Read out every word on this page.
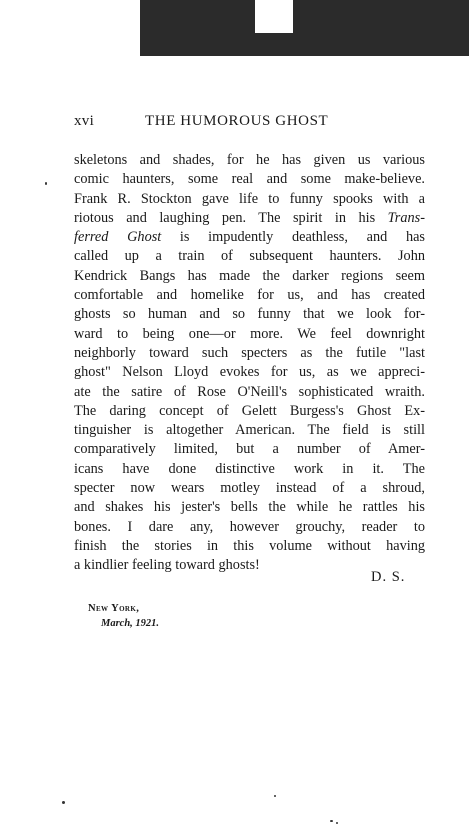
xvi	THE HUMOROUS GHOST
skeletons and shades, for he has given us various
comic haunters, some real and some make-believe.
Frank R. Stockton gave life to funny spooks with a
riotous and laughing pen. The spirit in his Trans-
ferred Ghost is impudently deathless, and has
called up a train of subsequent haunters. John
Kendrick Bangs has made the darker regions seem
comfortable and homelike for us, and has created
ghosts so human and so funny that we look for-
ward to being one—or more. We feel downright
neighborly toward such specters as the futile "last
ghost" Nelson Lloyd evokes for us, as we appreci-
ate the satire of Rose O'Neill's sophisticated wraith.
The daring concept of Gelett Burgess's Ghost Ex-
tinguisher is altogether American. The field is still
comparatively limited, but a number of Amer-
icans have done distinctive work in it. The
specter now wears motley instead of a shroud,
and shakes his jester's bells the while he rattles his
bones. I dare any, however grouchy, reader to
finish the stories in this volume without having
a kindlier feeling toward ghosts!
D. S.
New York,
March, 1921.
